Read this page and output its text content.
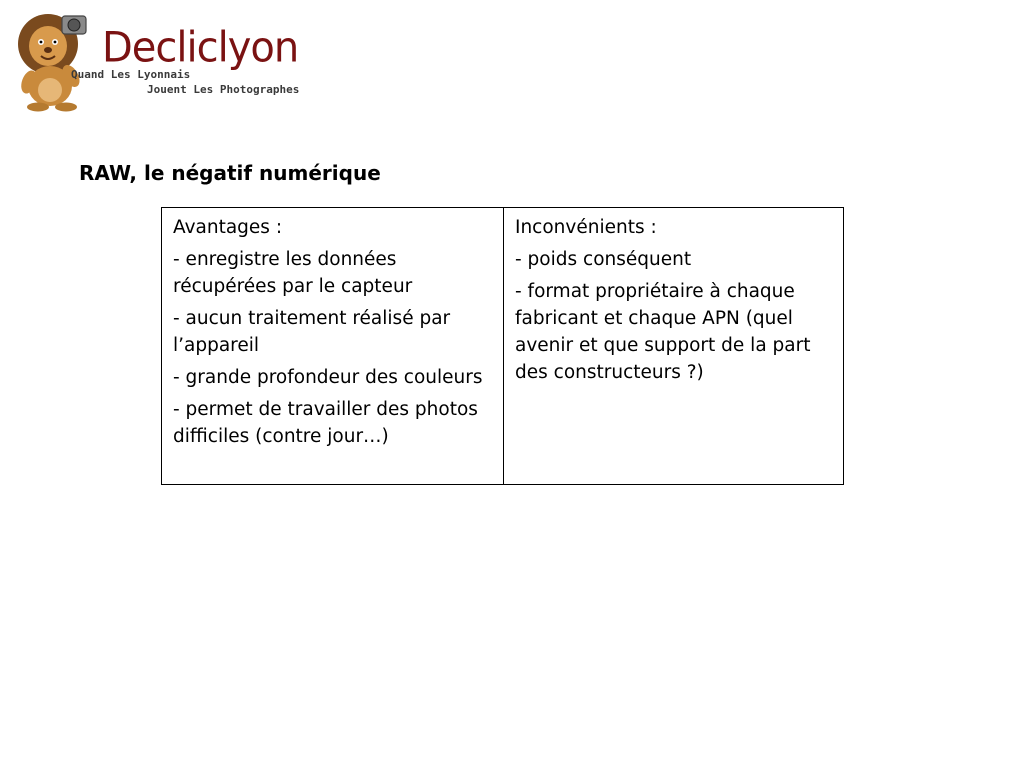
Decliclyon
Quand Les Lyonnais
Jouent Les Photographes
RAW, le négatif numérique
Avantages :
- enregistre les données récupérées par le capteur
- aucun traitement réalisé par l’appareil
- grande profondeur des couleurs
- permet de travailler des photos difficiles (contre jour…)
Inconvénients :
- poids conséquent
- format propriétaire à chaque fabricant et chaque APN (quel avenir et que support de la part des constructeurs ?)
